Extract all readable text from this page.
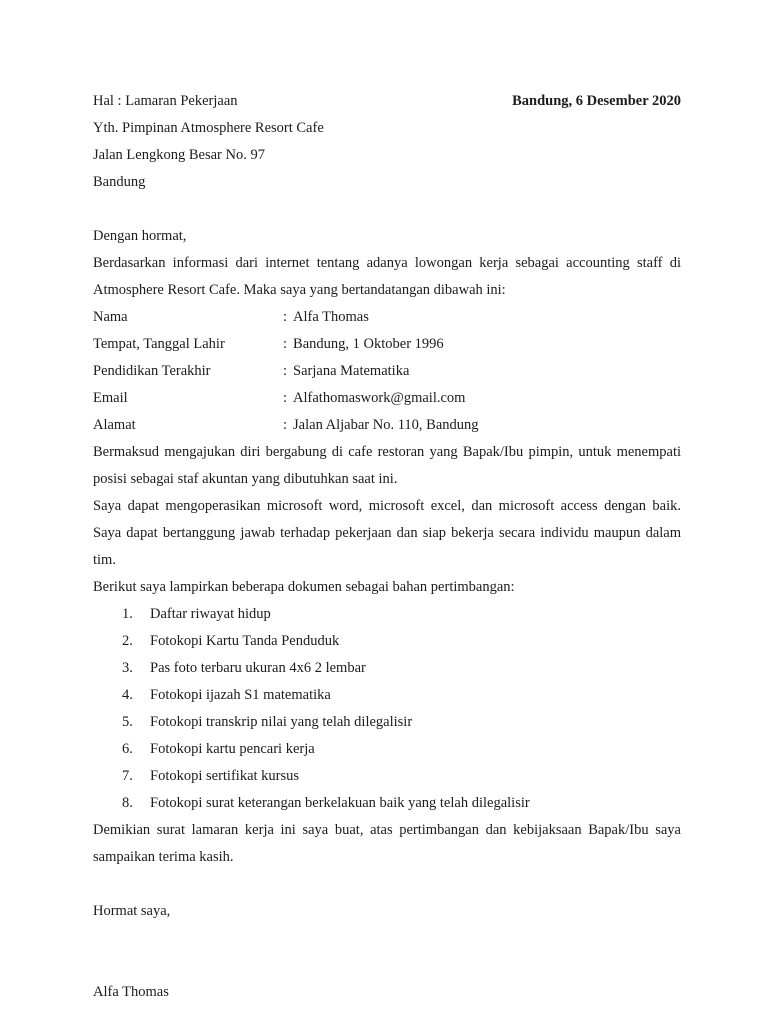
Hal : Lamaran Pekerjaan	Bandung, 6 Desember 2020
Yth. Pimpinan Atmosphere Resort Cafe
Jalan Lengkong Besar No. 97
Bandung
Dengan hormat,
Berdasarkan informasi dari internet tentang adanya lowongan kerja sebagai accounting staff di Atmosphere Resort Cafe. Maka saya yang bertandatangan dibawah ini:
Nama	: Alfa Thomas
Tempat, Tanggal Lahir	: Bandung, 1 Oktober 1996
Pendidikan Terakhir	: Sarjana Matematika
Email	: Alfathomaswork@gmail.com
Alamat	: Jalan Aljabar No. 110, Bandung
Bermaksud mengajukan diri bergabung di cafe restoran yang Bapak/Ibu pimpin, untuk menempati posisi sebagai staf akuntan yang dibutuhkan saat ini.
Saya dapat mengoperasikan microsoft word, microsoft excel, dan microsoft access dengan baik. Saya dapat bertanggung jawab terhadap pekerjaan dan siap bekerja secara individu maupun dalam tim.
Berikut saya lampirkan beberapa dokumen sebagai bahan pertimbangan:
1.	Daftar riwayat hidup
2.	Fotokopi Kartu Tanda Penduduk
3.	Pas foto terbaru ukuran 4x6 2 lembar
4.	Fotokopi ijazah S1 matematika
5.	Fotokopi transkrip nilai yang telah dilegalisir
6.	Fotokopi kartu pencari kerja
7.	Fotokopi sertifikat kursus
8.	Fotokopi surat keterangan berkelakuan baik yang telah dilegalisir
Demikian surat lamaran kerja ini saya buat, atas pertimbangan dan kebijaksaan Bapak/Ibu saya sampaikan terima kasih.
Hormat saya,
Alfa Thomas
